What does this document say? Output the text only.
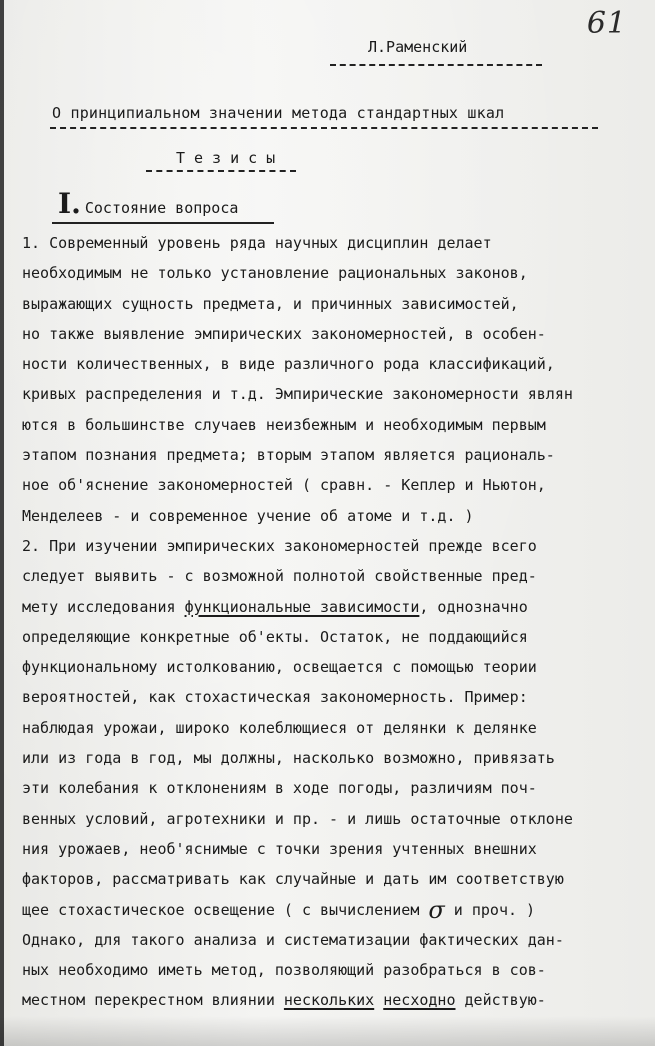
61
Л.Раменский
О принципиальном значении метода стандартных шкал
Тезисы
I. Состояние вопроса
1. Современный уровень ряда научных дисциплин делает
необходимым не только установление рациональных законов,
выражающих сущность предмета, и причинных зависимостей,
но также выявление эмпирических закономерностей, в особен-
ности количественных, в виде различного рода классификаций,
кривых распределения и т.д. Эмпирические закономерности являн
ются в большинстве случаев неизбежным и необходимым первым
этапом познания предмета; вторым этапом является рациональ-
ное об'яснение закономерностей ( сравн. - Кеплер и Ньютон,
Менделеев - и современное учение об атоме и т.д. )
2. При изучении эмпирических закономерностей прежде всего
следует выявить - с возможной полнотой свойственные пред-
мету исследования функциональные зависимости, однозначно
определяющие конкретные об'екты. Остаток, не поддающийся
функциональному истолкованию, освещается с помощью теории
вероятностей, как стохастическая закономерность. Пример:
наблюдая урожаи, широко колеблющиеся от делянки к делянке
или из года в год, мы должны, насколько возможно, привязать
эти колебания к отклонениям в ходе погоды, различиям поч-
венных условий, агротехники и пр. - и лишь остаточные отклоне
ния урожаев, необ'яснимые с точки зрения учтенных внешних
факторов, рассматривать как случайные и дать им соответствую
щее стохастическое освещение ( с вычислением σ и проч. )
Однако, для такого анализа и систематизации фактических дан-
ных необходимо иметь метод, позволяющий разобраться в сов-
местном перекрестном влиянии нескольких несходно действую-
